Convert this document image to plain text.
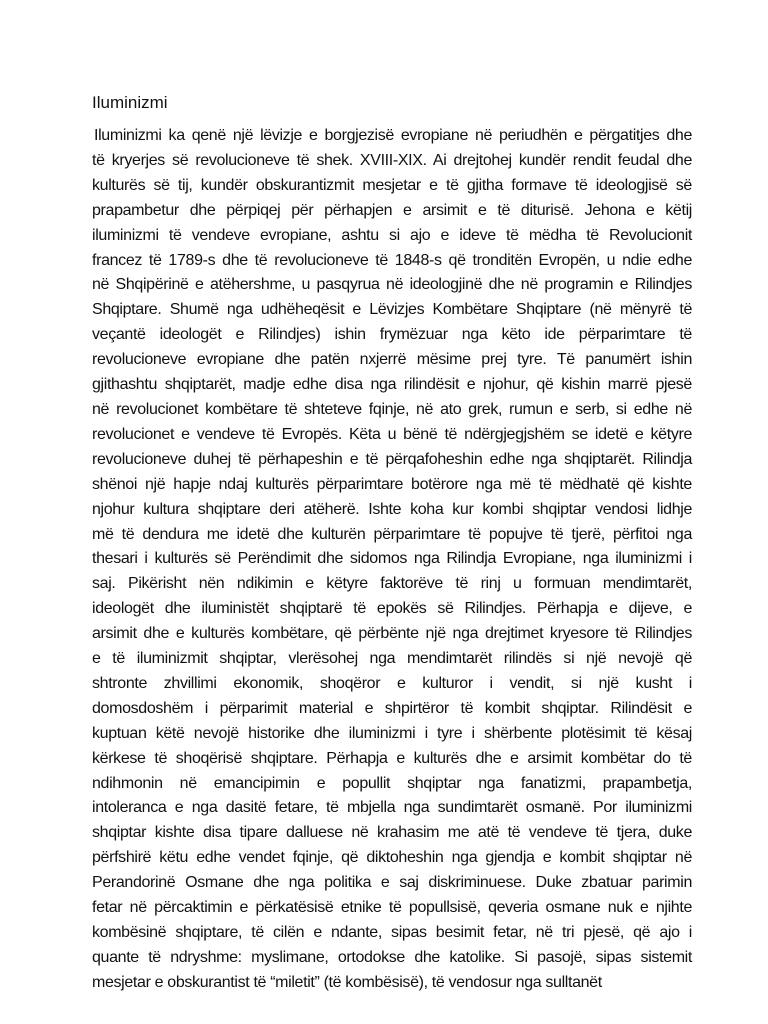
Iluminizmi
Iluminizmi ka qenë një lëvizje e borgjezisë evropiane në periudhën e përgatitjes dhe
të kryerjes së revolucioneve të shek. XVIII-XIX. Ai drejtohej kundër rendit feudal dhe
kulturës së tij, kundër obskurantizmit mesjetar e të gjitha formave të ideologjisë së
prapambetur dhe përpiqej për përhapjen e arsimit e të diturisë. Jehona e këtij
iluminizmi të vendeve evropiane, ashtu si ajo e ideve të mëdha të Revolucionit
francez të 1789-s dhe të revolucioneve të 1848-s që tronditën Evropën, u ndie edhe
në Shqipërinë e atëhershme, u pasqyrua në ideologjinë dhe në programin e Rilindjes
Shqiptare. Shumë nga udhëheqësit e Lëvizjes Kombëtare Shqiptare (në mënyrë të
veçantë ideologët e Rilindjes) ishin frymëzuar nga këto ide përparimtare të
revolucioneve evropiane dhe patën nxjerrë mësime prej tyre. Të panumërt ishin
gjithashtu shqiptarët, madje edhe disa nga rilindësit e njohur, që kishin marrë pjesë
në revolucionet kombëtare të shteteve fqinje, në ato grek, rumun e serb, si edhe në
revolucionet e vendeve të Evropës. Këta u bënë të ndërgjegjshëm se idetë e këtyre
revolucioneve duhej të përhapeshin e të përqafoheshin edhe nga shqiptarët. Rilindja
shënoi një hapje ndaj kulturës përparimtare botërore nga më të mëdhatë që kishte
njohur kultura shqiptare deri atëherë. Ishte koha kur kombi shqiptar vendosi lidhje
më të dendura me idetë dhe kulturën përparimtare të popujve të tjerë, përfitoi nga
thesari i kulturës së Perëndimit dhe sidomos nga Rilindja Evropiane, nga iluminizmi i
saj. Pikërisht nën ndikimin e këtyre faktorëve të rinj u formuan mendimtarët,
ideologët dhe iluministët shqiptarë të epokës së Rilindjes. Përhapja e dijeve, e
arsimit dhe e kulturës kombëtare, që përbënte një nga drejtimet kryesore të Rilindjes
e të iluminizmit shqiptar, vlerësohej nga mendimtarët rilindës si një nevojë që
shtronte zhvillimi ekonomik, shoqëror e kulturor i vendit, si një kusht i
domosdoshëm i përparimit material e shpirtëror të kombit shqiptar. Rilindësit e
kuptuan këtë nevojë historike dhe iluminizmi i tyre i shërbente plotësimit të kësaj
kërkese të shoqërisë shqiptare. Përhapja e kulturës dhe e arsimit kombëtar do të
ndihmonin në emancipimin e popullit shqiptar nga fanatizmi, prapambetja,
intoleranca e nga dasitë fetare, të mbjella nga sundimtarët osmanë. Por iluminizmi
shqiptar kishte disa tipare dalluese në krahasim me atë të vendeve të tjera, duke
përfshirë këtu edhe vendet fqinje, që diktoheshin nga gjendja e kombit shqiptar në
Perandorinë Osmane dhe nga politika e saj diskriminuese. Duke zbatuar parimin
fetar në përcaktimin e përkatësisë etnike të popullsisë, qeveria osmane nuk e njihte
kombësinë shqiptare, të cilën e ndante, sipas besimit fetar, në tri pjesë, që ajo i
quante të ndryshme: myslimane, ortodokse dhe katolike. Si pasojë, sipas sistemit
mesjetar e obskurantist të “miletit” (të kombësisë), të vendosur nga sulltanët
